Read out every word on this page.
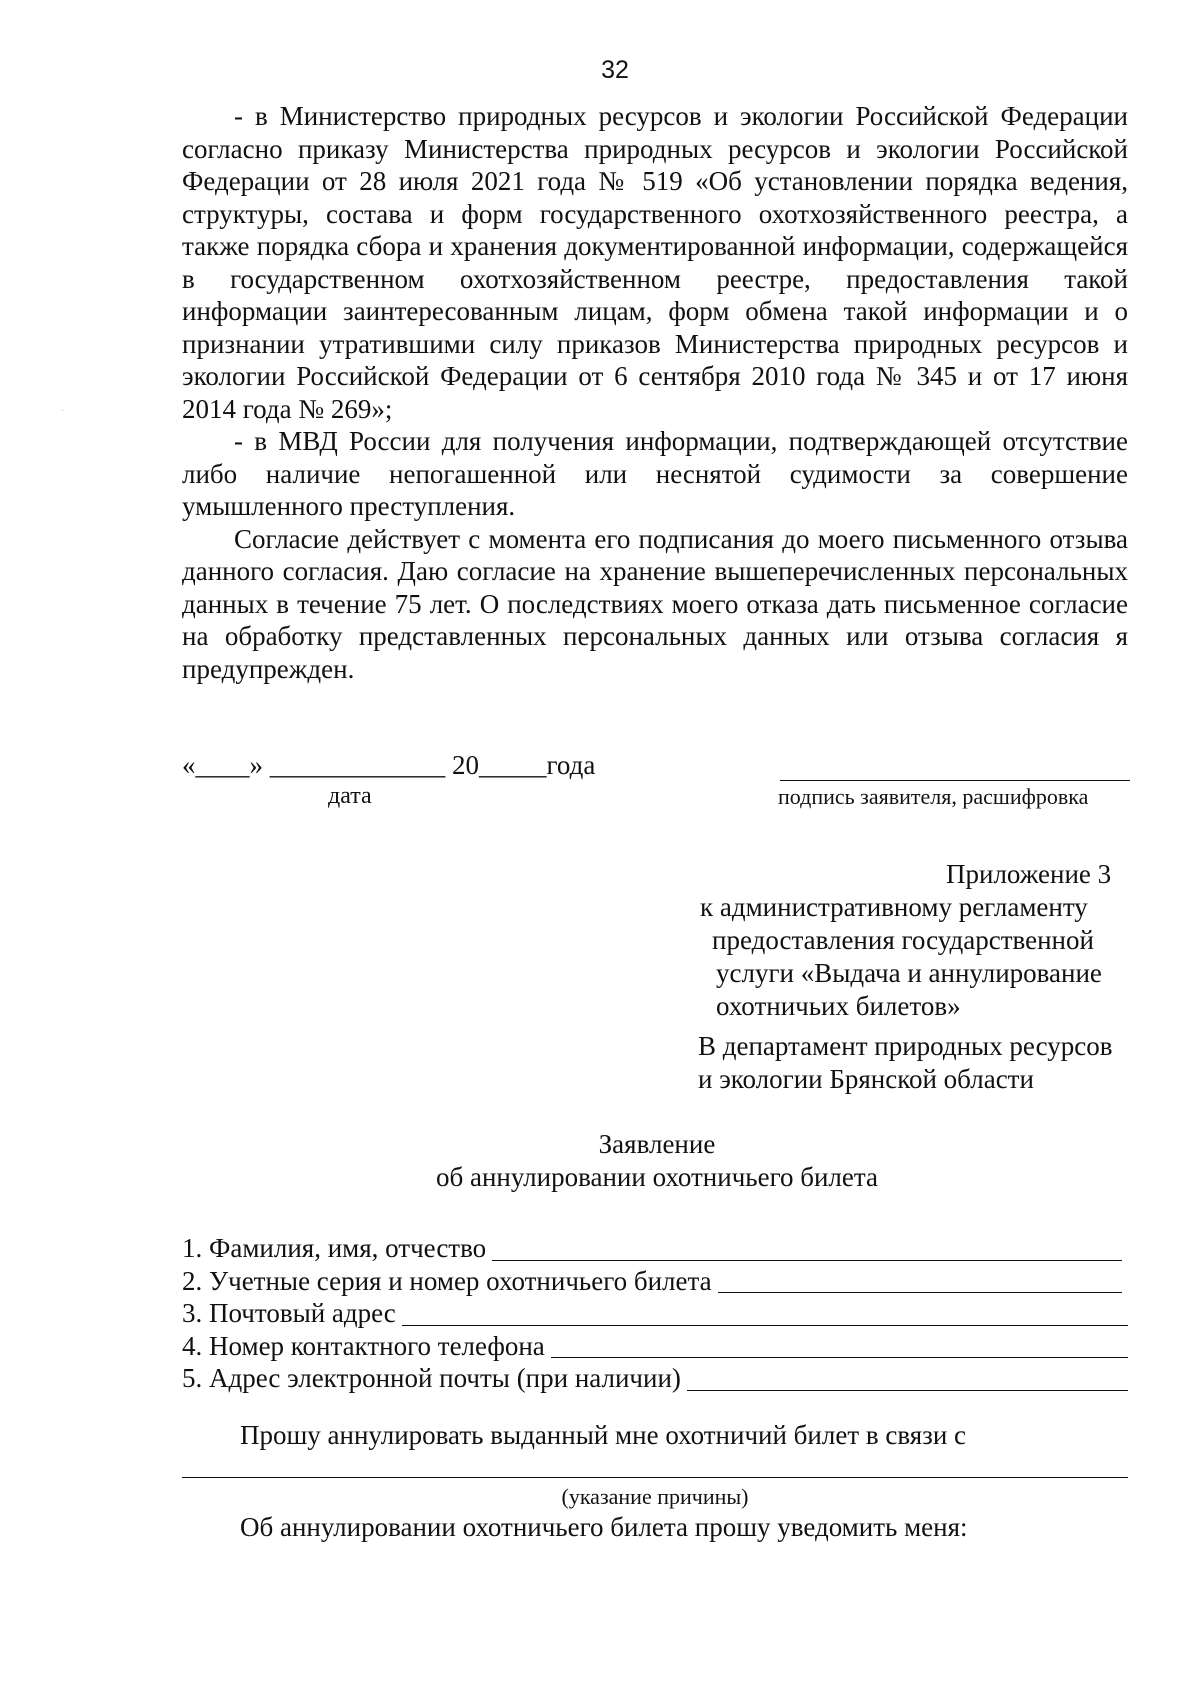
32

- в Министерство природных ресурсов и экологии Российской Федерации согласно приказу Министерства природных ресурсов и экологии Российской Федерации от 28 июля 2021 года № 519 «Об установлении порядка ведения, структуры, состава и форм государственного охотхозяйственного реестра, а также порядка сбора и хранения документированной информации, содержащейся в государственном охотхозяйственном реестре, предоставления такой информации заинтересованным лицам, форм обмена такой информации и о признании утратившими силу приказов Министерства природных ресурсов и экологии Российской Федерации от 6 сентября 2010 года № 345 и от 17 июня 2014 года № 269»;

- в МВД России для получения информации, подтверждающей отсутствие либо наличие непогашенной или неснятой судимости за совершение умышленного преступления.

Согласие действует с момента его подписания до моего письменного отзыва данного согласия. Даю согласие на хранение вышеперечисленных персональных данных в течение 75 лет. О последствиях моего отказа дать письменное согласие на обработку представленных персональных данных или отзыва согласия я предупрежден.

«____» _____________ 20_____года
дата	подпись заявителя, расшифровка
Приложение 3
к административному регламенту
предоставления государственной
услуги «Выдача и аннулирование
охотничьих билетов»
В департамент природных ресурсов
и экологии Брянской области
Заявление
об аннулировании охотничьего билета
1. Фамилия, имя, отчество
2. Учетные серия и номер охотничьего билета
3. Почтовый адрес
4. Номер контактного телефона
5. Адрес электронной почты (при наличии)
Прошу аннулировать выданный мне охотничий билет в связи с
(указание причины)
Об аннулировании охотничьего билета прошу уведомить меня:
